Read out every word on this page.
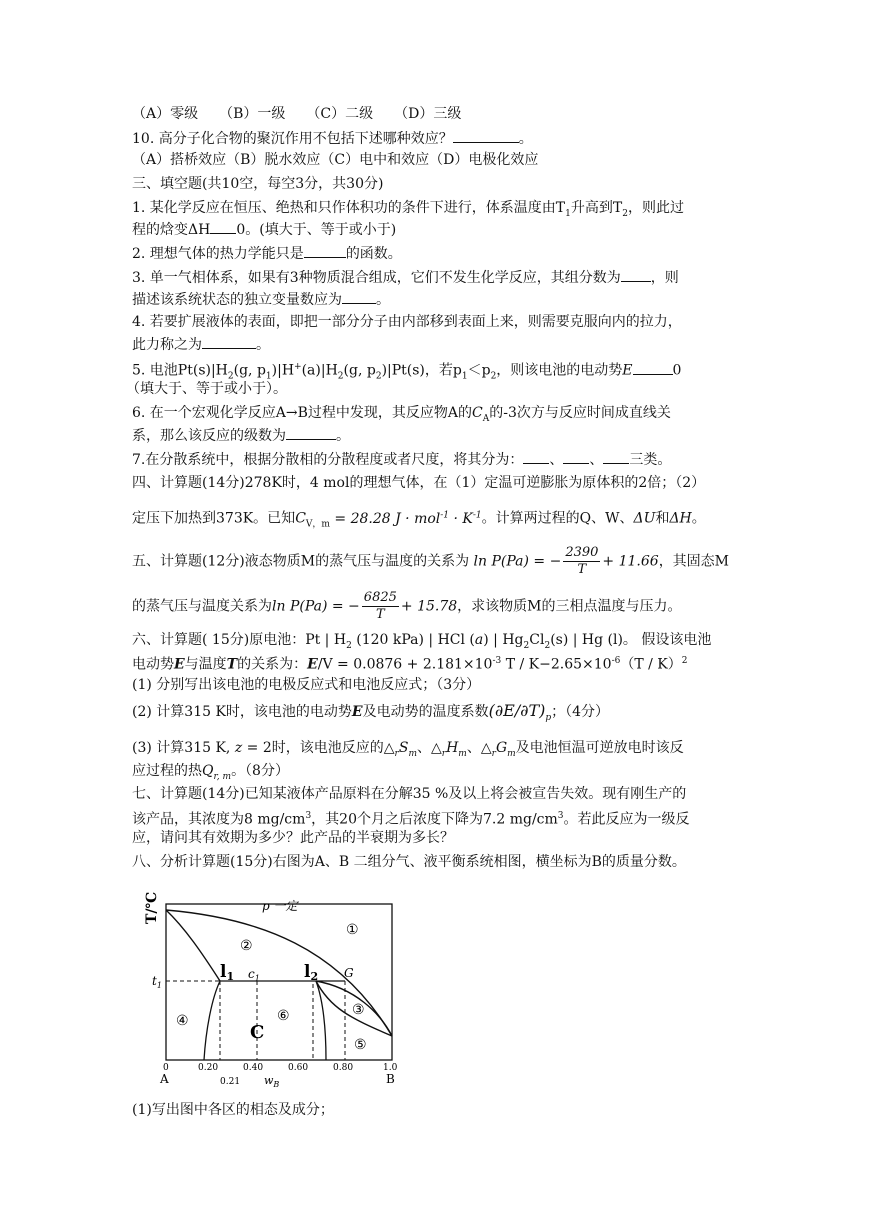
（A）零级　　（B）一级　　（C）二级　　（D）三级
10. 高分子化合物的聚沉作用不包括下述哪种效应？	。
（A）搭桥效应（B）脱水效应（C）电中和效应（D）电极化效应
三、填空题(共10空，每空3分，共30分)
1. 某化学反应在恒压、绝热和只作体积功的条件下进行，体系温度由$T_1$升高到$T_2$，则此过
程的焓变ΔH 0。(填大于、等于或小于)
2. 理想气体的热力学能只是	的函数。
3. 单一气相体系，如果有3种物质混合组成，它们不发生化学反应，其组分数为 ，则
描述该系统状态的独立变量数应为 。
4. 若要扩展液体的表面，即把一部分分子由内部移到表面上来，则需要克服向内的拉力，
此力称之为	。
5. 电池$Pt(s)|H_2(g$, $p_1)|H^+(a)|H_2(g$, $p_2)|Pt(s)$，若$p_1<p_2$，则该电池的电动势E	0
（填大于、等于或小于）。
6. 在一个宏观化学反应A→B过程中发现，其反应物A的$C_A$的-3次方与反应时间成直线关
系，那么该反应的级数为	。
7.在分散系统中，根据分散相的分散程度或者尺度，将其分为： 、 、 三类。
四、计算题(14分)278K时，4 mol的理想气体，在（1）定温可逆膨胀为原体积的2倍；（2）
定压下加热到373K。已知$C_{V,m} = 28.28$ $J \cdot mol^{-1} \cdot K^{-1}$。计算两过程的Q、W、ΔU和ΔH。
五、计算题(12分)液态物质M的蒸气压与温度的关系为 ln P(Pa) = − $\frac{2390}{T} + 11.66$，其固态M
的蒸气压与温度关系为ln P(Pa) = − $\frac{6825}{T} + 15.78$，求该物质M的三相点温度与压力。
六、计算题( 15分)原电池：Pt | $H_2$ (120 kPa) | HCl (a) | $Hg_2Cl_2(s)$ | Hg (l)。 假设该电池
电动势E与温度T的关系为：$E/V = 0.0876 + 2.181\times 10^{-3}$ $T / K-2.65\times 10^{-6}(T / K)^2$
(1) 分别写出该电池的电极反应式和电池反应式；（3分）
(2) 计算315 K时，该电池的电动势E及电动势的温度系数$(\partial E/\partial T)_p$；（4分）
(3) 计算315 K, z = 2时，该电池反应的$\triangle_rS_m$、$\triangle_rH_m$、$\triangle_rG_m$及电池恒温可逆放电时该反
应过程的热$Q_{r, m}$。（8分）
七、计算题(14分)已知某液体产品原料在分解35 %及以上将会被宣告失效。现有刚生产的
该产品，其浓度为8 $mg/cm^3$，其20个月之后浓度下降为7.2 $mg/cm^3$。若此反应为一级反
应，请问其有效期为多少？此产品的半衰期为多长？
八、分析计算题(15分)右图为A、B 二组分气、液平衡系统相图，横坐标为B的质量分数。
T/℃	p 一定
①
②
③
④
⑤
⑥
C
$t_1$
l1 $c_1$	l2 G
0	0.20	0.40	0.60	0.80	1.0
0.21
A	B
$w_B$
(1)写出图中各区的相态及成分；
